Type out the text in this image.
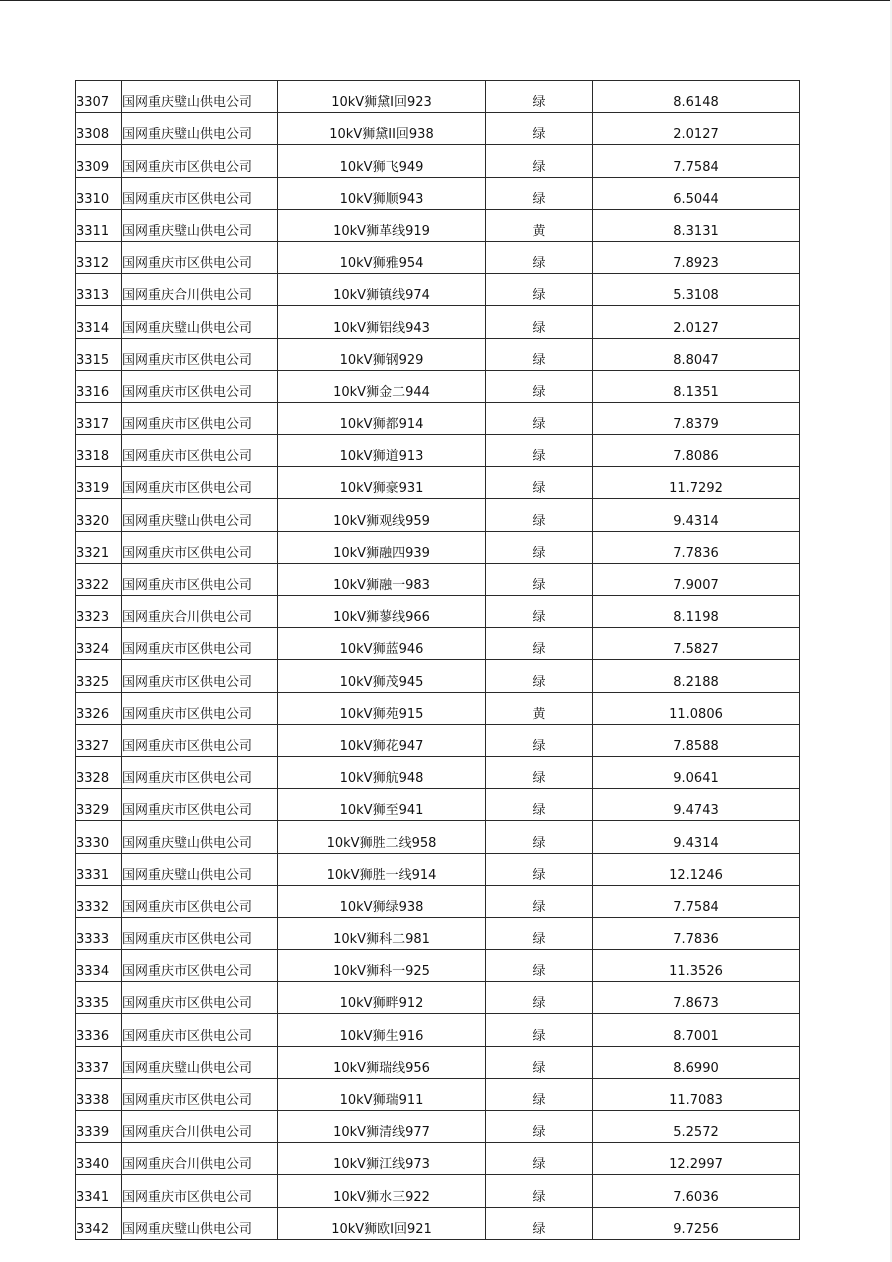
3307	国网重庆璧山供电公司	10kV狮黛I回923	绿	8.6148
3308	国网重庆璧山供电公司	10kV狮黛II回938	绿	2.0127
3309	国网重庆市区供电公司	10kV狮飞949	绿	7.7584
3310	国网重庆市区供电公司	10kV狮顺943	绿	6.5044
3311	国网重庆璧山供电公司	10kV狮革线919	黄	8.3131
3312	国网重庆市区供电公司	10kV狮雅954	绿	7.8923
3313	国网重庆合川供电公司	10kV狮镇线974	绿	5.3108
3314	国网重庆璧山供电公司	10kV狮铝线943	绿	2.0127
3315	国网重庆市区供电公司	10kV狮钢929	绿	8.8047
3316	国网重庆市区供电公司	10kV狮金二944	绿	8.1351
3317	国网重庆市区供电公司	10kV狮都914	绿	7.8379
3318	国网重庆市区供电公司	10kV狮道913	绿	7.8086
3319	国网重庆市区供电公司	10kV狮豪931	绿	11.7292
3320	国网重庆璧山供电公司	10kV狮观线959	绿	9.4314
3321	国网重庆市区供电公司	10kV狮融四939	绿	7.7836
3322	国网重庆市区供电公司	10kV狮融一983	绿	7.9007
3323	国网重庆合川供电公司	10kV狮蓼线966	绿	8.1198
3324	国网重庆市区供电公司	10kV狮蓝946	绿	7.5827
3325	国网重庆市区供电公司	10kV狮茂945	绿	8.2188
3326	国网重庆市区供电公司	10kV狮苑915	黄	11.0806
3327	国网重庆市区供电公司	10kV狮花947	绿	7.8588
3328	国网重庆市区供电公司	10kV狮航948	绿	9.0641
3329	国网重庆市区供电公司	10kV狮至941	绿	9.4743
3330	国网重庆璧山供电公司	10kV狮胜二线958	绿	9.4314
3331	国网重庆璧山供电公司	10kV狮胜一线914	绿	12.1246
3332	国网重庆市区供电公司	10kV狮绿938	绿	7.7584
3333	国网重庆市区供电公司	10kV狮科二981	绿	7.7836
3334	国网重庆市区供电公司	10kV狮科一925	绿	11.3526
3335	国网重庆市区供电公司	10kV狮畔912	绿	7.8673
3336	国网重庆市区供电公司	10kV狮生916	绿	8.7001
3337	国网重庆璧山供电公司	10kV狮瑞线956	绿	8.6990
3338	国网重庆市区供电公司	10kV狮瑞911	绿	11.7083
3339	国网重庆合川供电公司	10kV狮清线977	绿	5.2572
3340	国网重庆合川供电公司	10kV狮江线973	绿	12.2997
3341	国网重庆市区供电公司	10kV狮水三922	绿	7.6036
3342	国网重庆璧山供电公司	10kV狮欧I回921	绿	9.7256
